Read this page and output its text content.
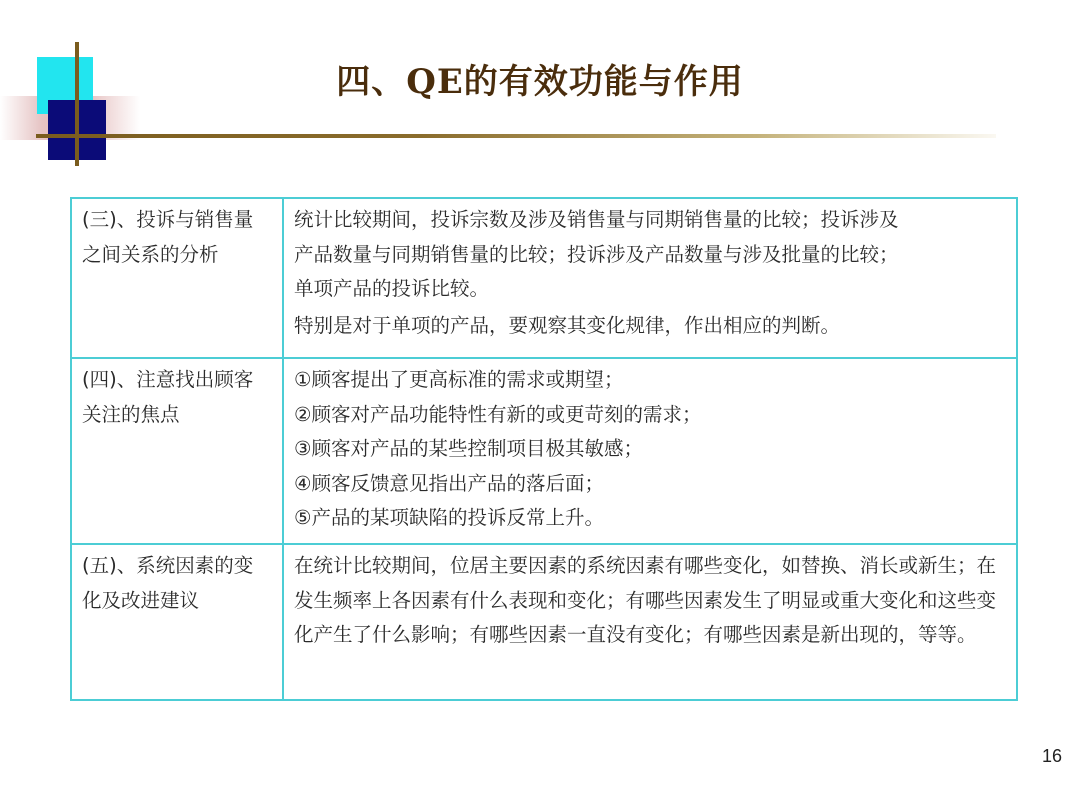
四、QE的有效功能与作用
(三)、投诉与销售量之间关系的分析	统计比较期间，投诉宗数及涉及销售量与同期销售量的比较；投诉涉及
产品数量与同期销售量的比较；投诉涉及产品数量与涉及批量的比较；
单项产品的投诉比较。
特别是对于单项的产品，要观察其变化规律，作出相应的判断。

(四)、注意找出顾客关注的焦点	①顾客提出了更高标准的需求或期望；
②顾客对产品功能特性有新的或更苛刻的需求；
③顾客对产品的某些控制项目极其敏感；
④顾客反馈意见指出产品的落后面；
⑤产品的某项缺陷的投诉反常上升。

(五)、系统因素的变化及改进建议	在统计比较期间，位居主要因素的系统因素有哪些变化，如替换、消长或新生；在发生频率上各因素有什么表现和变化；有哪些因素发生了明显或重大变化和这些变化产生了什么影响；有哪些因素一直没有变化；有哪些因素是新出现的，等等。
16
